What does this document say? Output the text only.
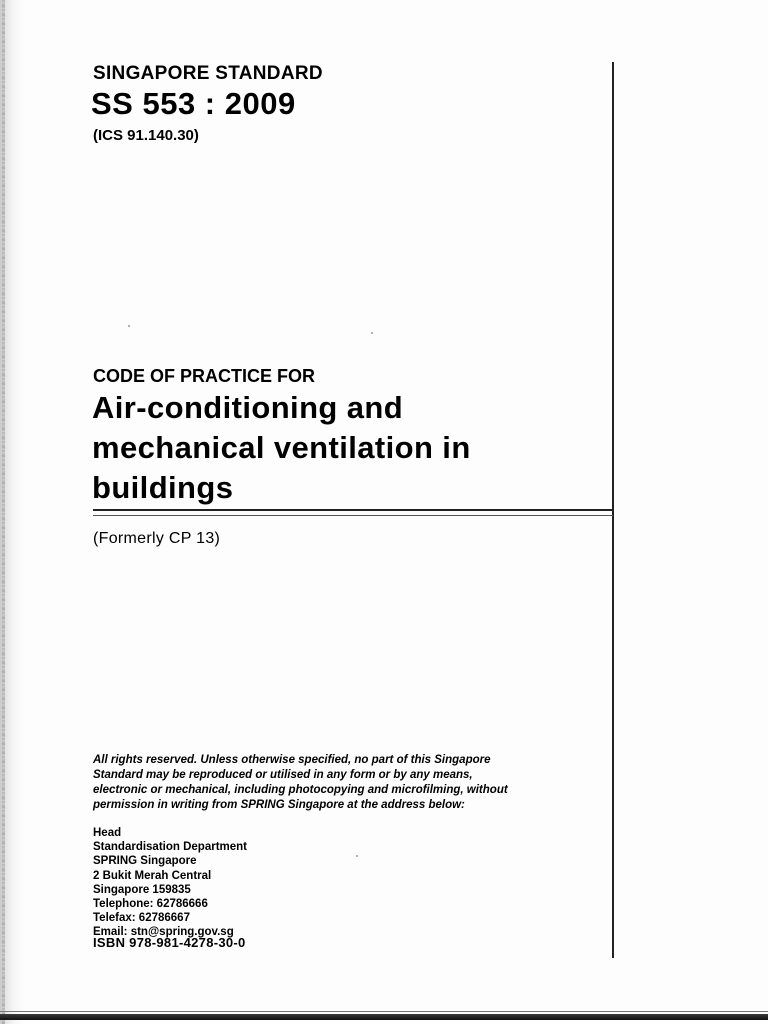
SINGAPORE STANDARD
SS 553 : 2009
(ICS 91.140.30)
CODE OF PRACTICE FOR
Air-conditioning and
mechanical ventilation in
buildings
(Formerly CP 13)
All rights reserved. Unless otherwise specified, no part of this Singapore
Standard may be reproduced or utilised in any form or by any means,
electronic or mechanical, including photocopying and microfilming, without
permission in writing from SPRING Singapore at the address below:
Head
Standardisation Department
SPRING Singapore
2 Bukit Merah Central
Singapore 159835
Telephone: 62786666
Telefax: 62786667
Email: stn@spring.gov.sg
ISBN 978-981-4278-30-0
